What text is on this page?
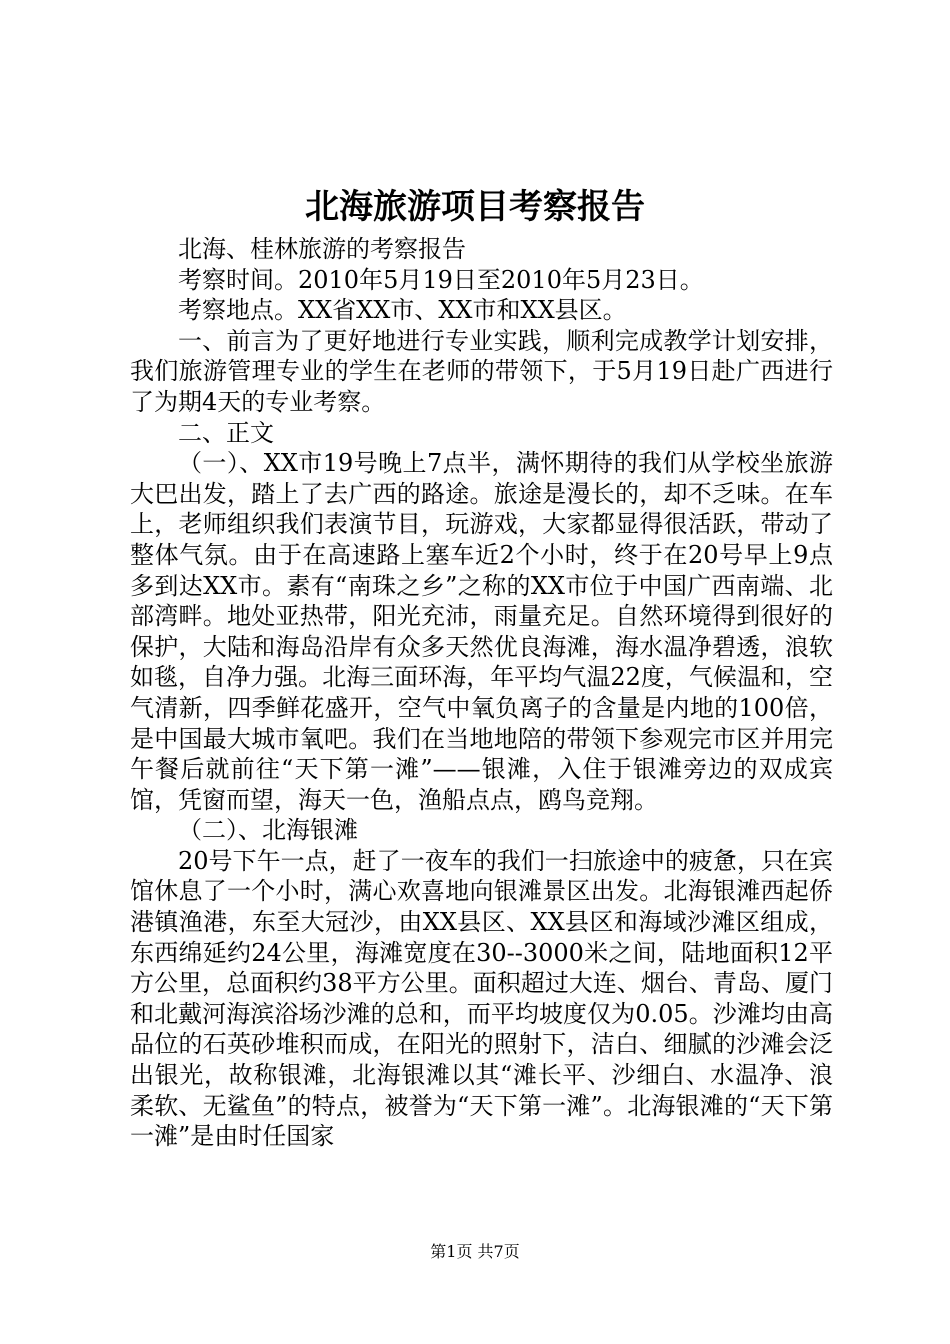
北海旅游项目考察报告

北海、桂林旅游的考察报告

考察时间。2010年5月19日至2010年5月23日。

考察地点。XX省XX市、XX市和XX县区。

一、前言为了更好地进行专业实践，顺利完成教学计划安排，我们旅游管理专业的学生在老师的带领下，于5月19日赴广西进行了为期4天的专业考察。

二、正文

（一）、XX市19号晚上7点半，满怀期待的我们从学校坐旅游大巴出发，踏上了去广西的路途。旅途是漫长的，却不乏味。在车上，老师组织我们表演节目，玩游戏，大家都显得很活跃，带动了整体气氛。由于在高速路上塞车近2个小时，终于在20号早上9点多到达XX市。素有“南珠之乡”之称的XX市位于中国广西南端、北部湾畔。地处亚热带，阳光充沛，雨量充足。自然环境得到很好的保护，大陆和海岛沿岸有众多天然优良海滩，海水温净碧透，浪软如毯，自净力强。北海三面环海，年平均气温22度，气候温和，空气清新，四季鲜花盛开，空气中氧负离子的含量是内地的100倍，是中国最大城市氧吧。我们在当地地陪的带领下参观完市区并用完午餐后就前往“天下第一滩”——银滩，入住于银滩旁边的双成宾馆，凭窗而望，海天一色，渔船点点，鸥鸟竞翔。

（二）、北海银滩

20号下午一点，赶了一夜车的我们一扫旅途中的疲惫，只在宾馆休息了一个小时，满心欢喜地向银滩景区出发。北海银滩西起侨港镇渔港，东至大冠沙，由XX县区、XX县区和海域沙滩区组成，东西绵延约24公里，海滩宽度在30--3000米之间，陆地面积12平方公里，总面积约38平方公里。面积超过大连、烟台、青岛、厦门和北戴河海滨浴场沙滩的总和，而平均坡度仅为0.05。沙滩均由高品位的石英砂堆积而成，在阳光的照射下，洁白、细腻的沙滩会泛出银光，故称银滩，北海银滩以其“滩长平、沙细白、水温净、浪柔软、无鲨鱼”的特点，被誉为“天下第一滩”。北海银滩的“天下第一滩”是由时任国家

第1页 共7页
